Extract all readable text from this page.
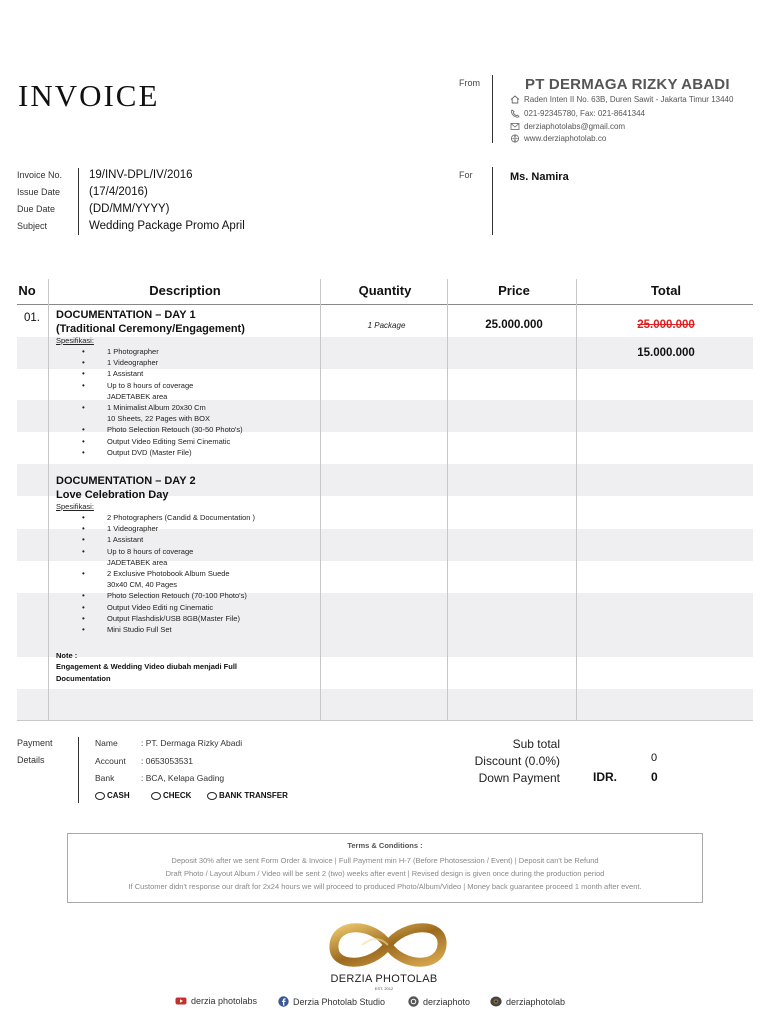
INVOICE	From	PT DERMAGA RIZKY ABADI
Raden Inten II No. 63B, Duren Sawit - Jakarta Timur 13440
021-92345780, Fax: 021-8641344
derziaphotolabs@gmail.com
www.derziaphotolab.co
Invoice No.	19/INV-DPL/IV/2016
Issue Date	(17/4/2016)
Due Date	(DD/MM/YYYY)
Subject	Wedding Package Promo April
For	Ms. Namira
No	Description	Quantity	Price	Total
01. DOCUMENTATION – DAY 1
(Traditional Ceremony/Engagement)
Spesifikasi:
• 1 Photographer
• 1 Videographer
• 1 Assistant
• Up to 8 hours of coverage
JADETABEK area
• 1 Minimalist Album 20x30 Cm
10 Sheets, 22 Pages with BOX
• Photo Selection Retouch (30-50 Photo's)
• Output Video Editing Semi Cinematic
• Output DVD (Master File)
DOCUMENTATION – DAY 2
Love Celebration Day
Spesifikasi:
• 2 Photographers (Candid & Documentation )
• 1 Videographer
• 1 Assistant
• Up to 8 hours of coverage
JADETABEK area
• 2 Exclusive Photobook Album Suede
30x40 CM, 40 Pages
• Photo Selection Retouch (70-100 Photo's)
• Output Video Editi ng Cinematic
• Output Flashdisk/USB 8GB(Master File)
• Mini Studio Full Set
Note :
Engagement & Wedding Video diubah menjadi Full Documentation
1 Package	25.000.000	25.000.000
15.000.000
Payment
Details
Name	: PT. Dermaga Rizky Abadi
Account : 0653053531
Bank	: BCA, Kelapa Gading
CASH	CHECK	BANK TRANSFER
Sub total
Discount (0.0%)	0
Down Payment	IDR.	0
Terms & Conditions :
Deposit 30% after we sent Form Order & Invoice | Full Payment min H-7 (Before Photosession / Event) | Deposit can't be Refund
Draft Photo / Layout Album / Video will be sent 2 (two) weeks after event | Revised design is given once during the production period
If Customer didn't response our draft for 2x24 hours we will proceed to produced Photo/Album/Video | Money back guarantee proceed 1 month after event.
DERZIA PHOTOLAB
EST. 2012
derzia photolabs	Derzia Photolab Studio	derziaphoto	derziaphotolab
